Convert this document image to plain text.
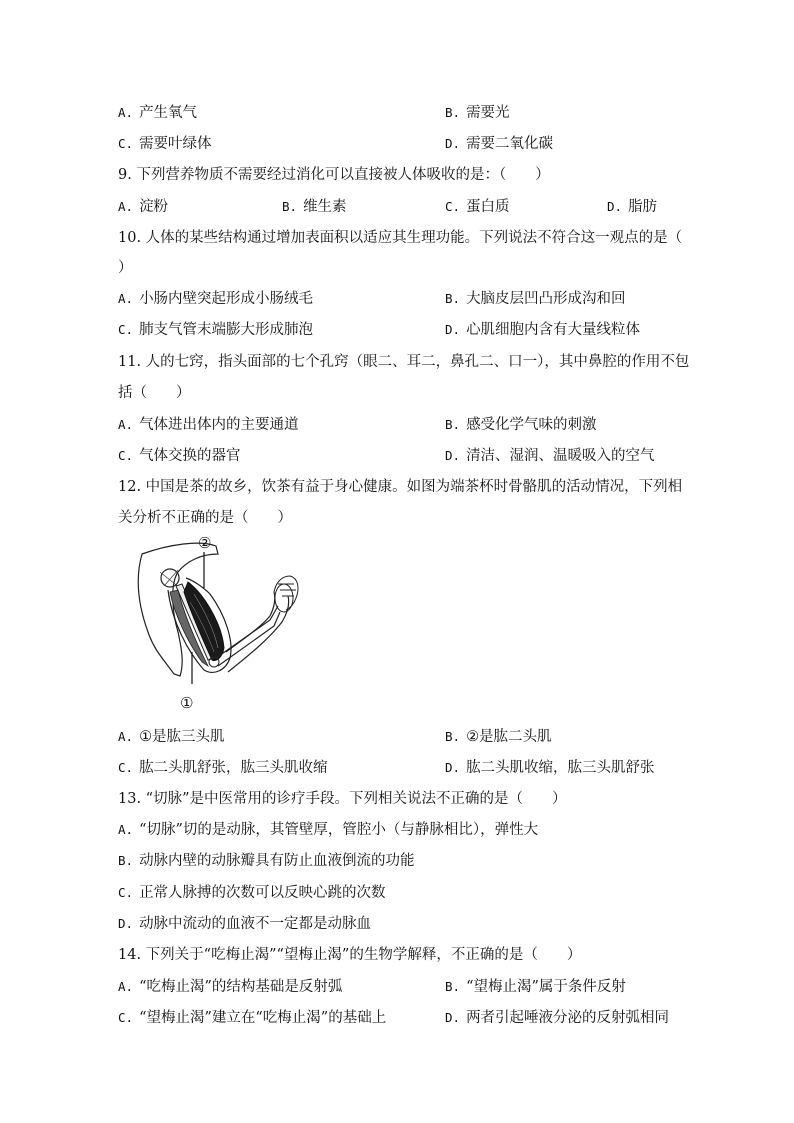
A. 产生氧气	B. 需要光
C. 需要叶绿体	D. 需要二氧化碳
9. 下列营养物质不需要经过消化可以直接被人体吸收的是：（　　）
A. 淀粉	B. 维生素	C. 蛋白质	D. 脂肪
10. 人体的某些结构通过增加表面积以适应其生理功能。下列说法不符合这一观点的是（
）
A. 小肠内壁突起形成小肠绒毛	B. 大脑皮层凹凸形成沟和回
C. 肺支气管末端膨大形成肺泡	D. 心肌细胞内含有大量线粒体
11. 人的七窍，指头面部的七个孔窍（眼二、耳二，鼻孔二、口一），其中鼻腔的作用不包
括（　　）
A. 气体进出体内的主要通道	B. 感受化学气味的刺激
C. 气体交换的器官	D. 清洁、湿润、温暖吸入的空气
12. 中国是茶的故乡，饮茶有益于身心健康。如图为端茶杯时骨骼肌的活动情况，下列相
关分析不正确的是（　　）
②
①
A. ①是肱三头肌	B. ②是肱二头肌
C. 肱二头肌舒张，肱三头肌收缩	D. 肱二头肌收缩，肱三头肌舒张
13. “切脉”是中医常用的诊疗手段。下列相关说法不正确的是（　　）
A. “切脉”切的是动脉，其管壁厚，管腔小（与静脉相比），弹性大
B. 动脉内壁的动脉瓣具有防止血液倒流的功能
C. 正常人脉搏的次数可以反映心跳的次数
D. 动脉中流动的血液不一定都是动脉血
14. 下列关于“吃梅止渴”“望梅止渴”的生物学解释，不正确的是（　　）
A. “吃梅止渴”的结构基础是反射弧	B. “望梅止渴”属于条件反射
C. “望梅止渴”建立在“吃梅止渴”的基础上	D. 两者引起唾液分泌的反射弧相同
